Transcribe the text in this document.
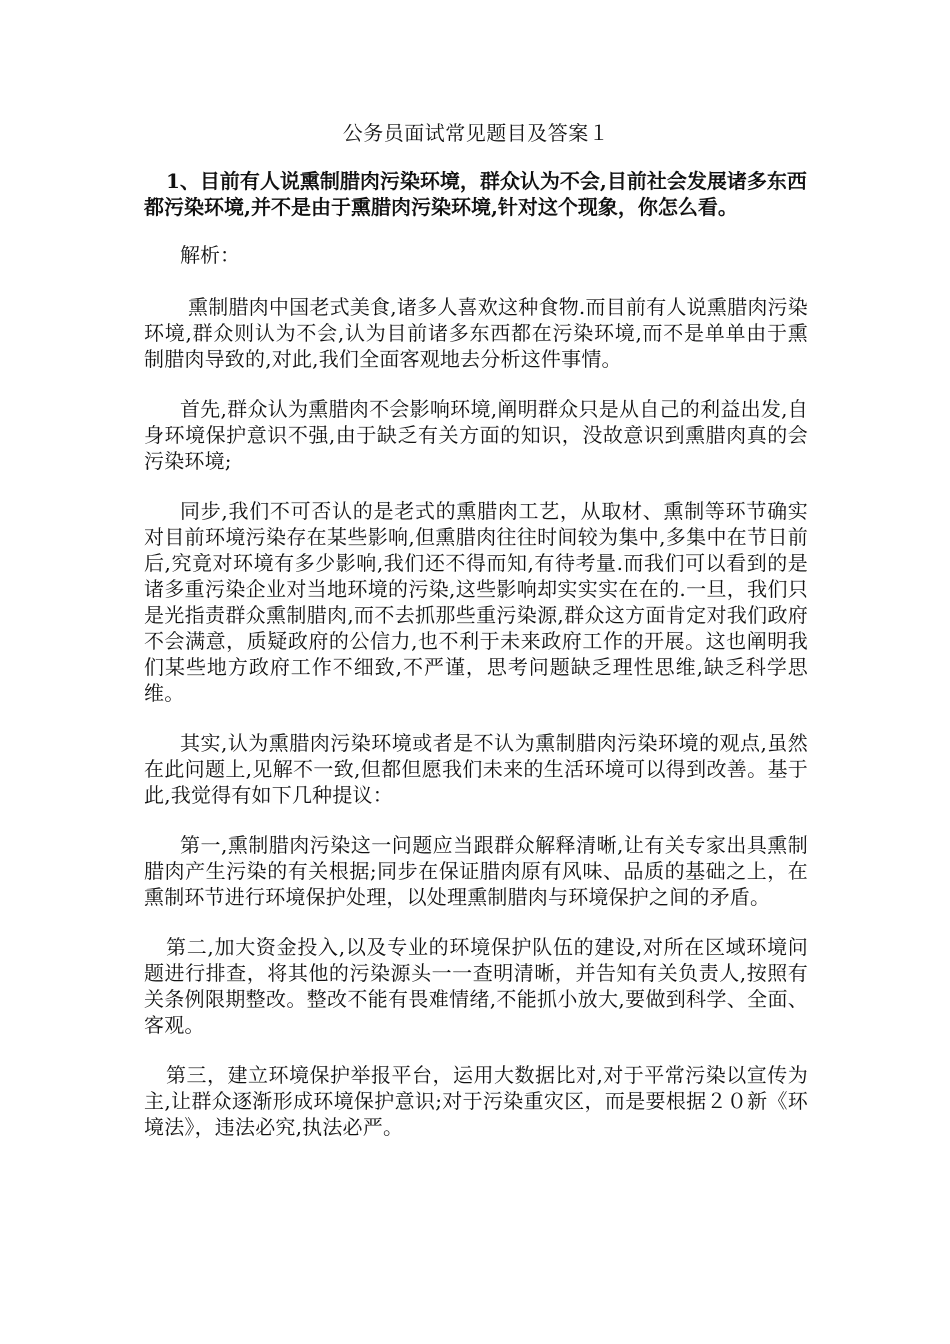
公务员面试常见题目及答案１
1、目前有人说熏制腊肉污染环境，群众认为不会,目前社会发展诸多东西都污染环境,并不是由于熏腊肉污染环境,针对这个现象，你怎么看。
解析：
熏制腊肉中国老式美食,诸多人喜欢这种食物.而目前有人说熏腊肉污染环境,群众则认为不会,认为目前诸多东西都在污染环境,而不是单单由于熏制腊肉导致的,对此,我们全面客观地去分析这件事情。
首先,群众认为熏腊肉不会影响环境,阐明群众只是从自己的利益出发,自身环境保护意识不强,由于缺乏有关方面的知识，没故意识到熏腊肉真的会污染环境;
同步,我们不可否认的是老式的熏腊肉工艺，从取材、熏制等环节确实对目前环境污染存在某些影响,但熏腊肉往往时间较为集中,多集中在节日前后,究竟对环境有多少影响,我们还不得而知,有待考量.而我们可以看到的是诸多重污染企业对当地环境的污染,这些影响却实实实在在的.一旦，我们只是光指责群众熏制腊肉,而不去抓那些重污染源,群众这方面肯定对我们政府不会满意，质疑政府的公信力,也不利于未来政府工作的开展。这也阐明我们某些地方政府工作不细致,不严谨，思考问题缺乏理性思维,缺乏科学思维。
其实,认为熏腊肉污染环境或者是不认为熏制腊肉污染环境的观点,虽然在此问题上,见解不一致,但都但愿我们未来的生活环境可以得到改善。基于此,我觉得有如下几种提议：
第一,熏制腊肉污染这一问题应当跟群众解释清晰,让有关专家出具熏制腊肉产生污染的有关根据;同步在保证腊肉原有风味、品质的基础之上，在熏制环节进行环境保护处理，以处理熏制腊肉与环境保护之间的矛盾。
第二,加大资金投入,以及专业的环境保护队伍的建设,对所在区域环境问题进行排查，将其他的污染源头一一查明清晰，并告知有关负责人,按照有关条例限期整改。整改不能有畏难情绪,不能抓小放大,要做到科学、全面、客观。
第三，建立环境保护举报平台，运用大数据比对,对于平常污染以宣传为主,让群众逐渐形成环境保护意识;对于污染重灾区，而是要根据２０新《环境法》，违法必究,执法必严。
